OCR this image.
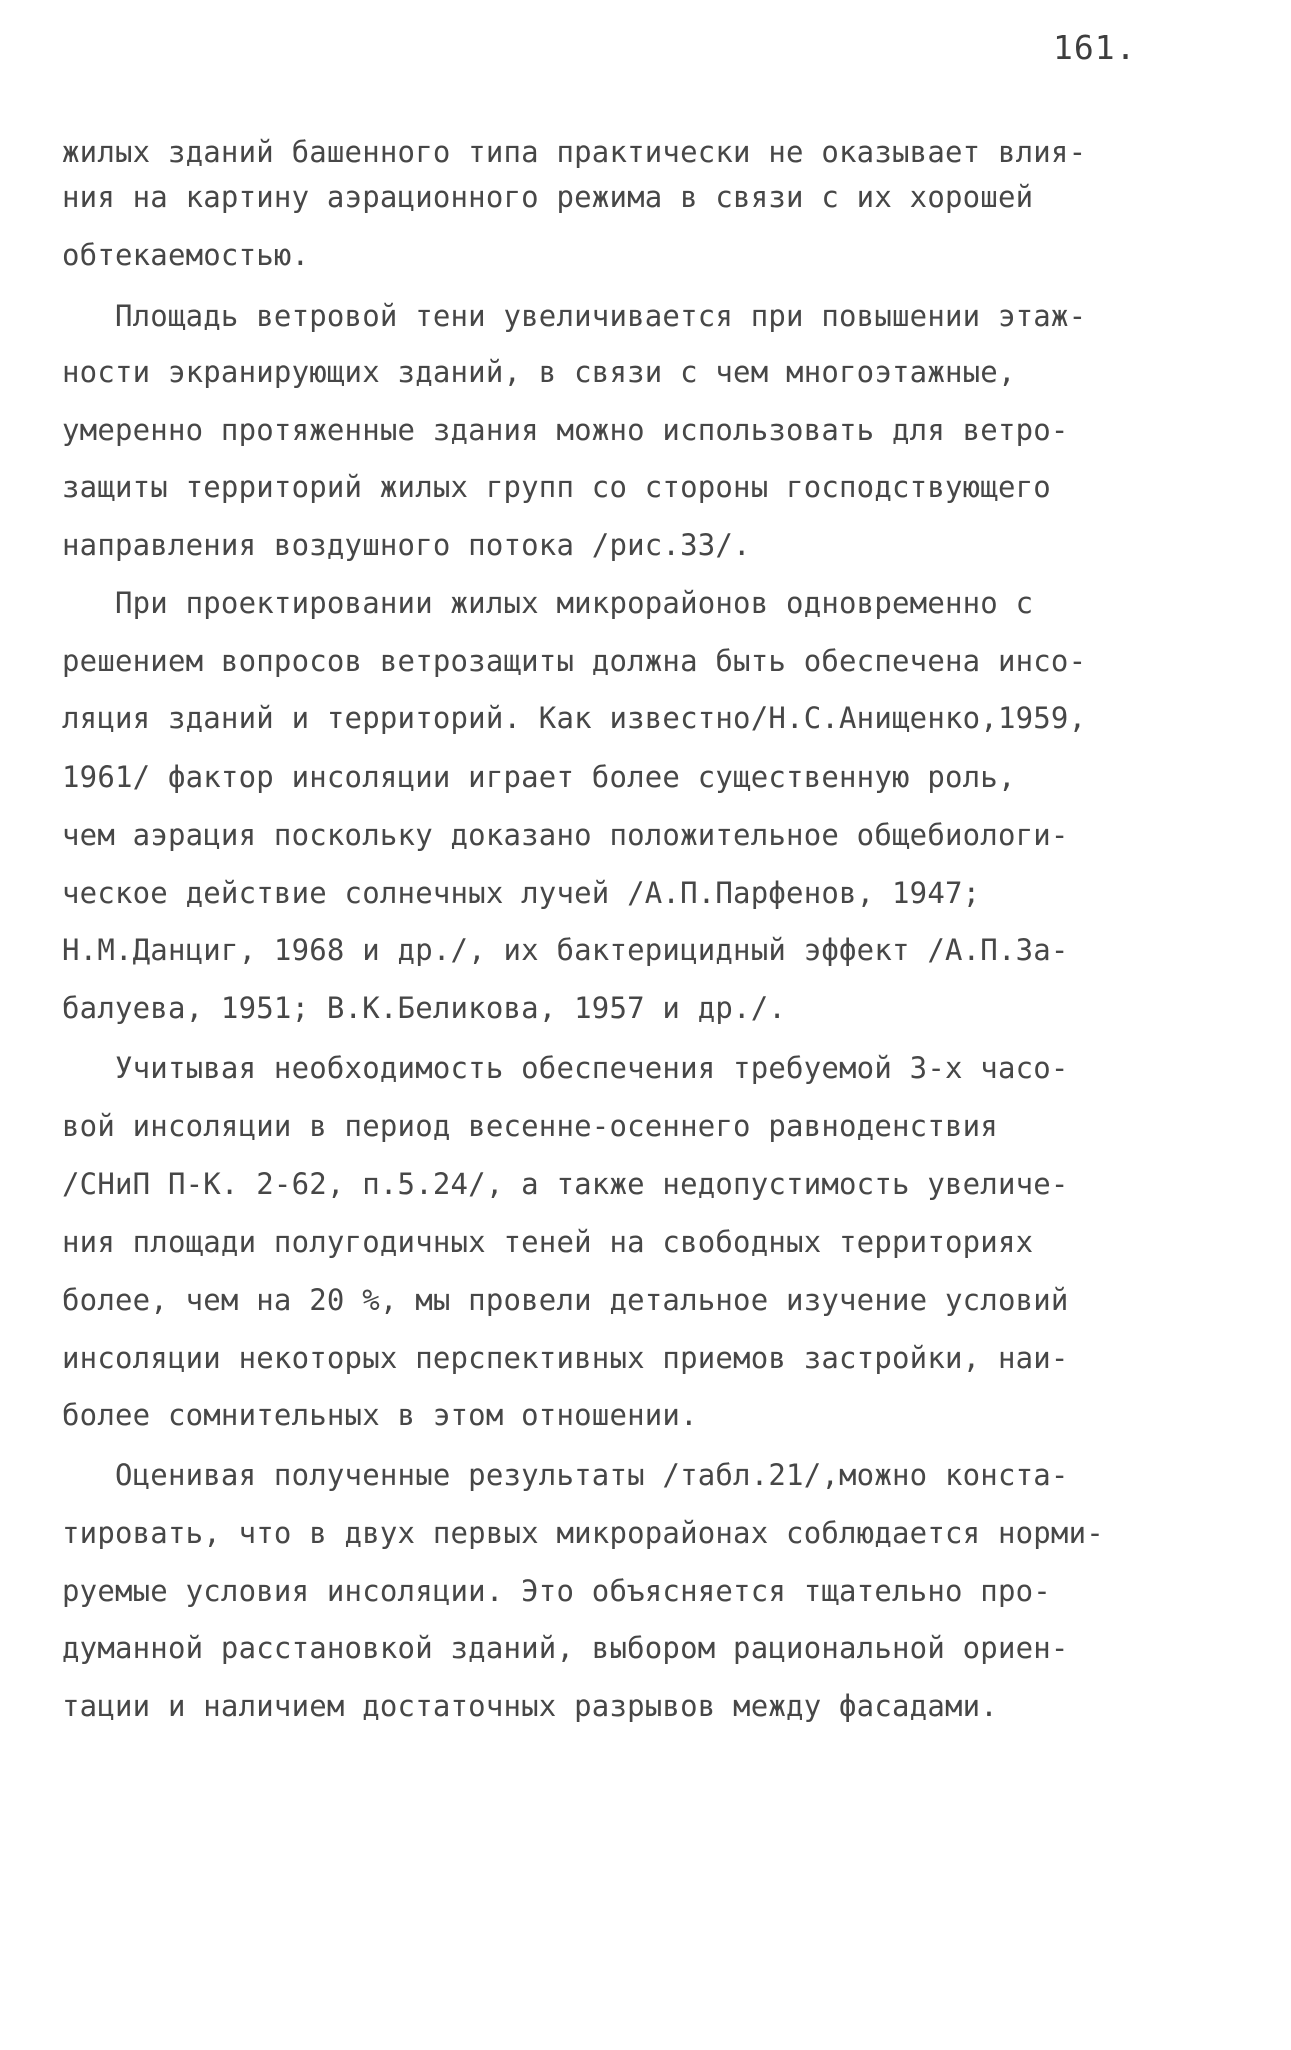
161.
жилых зданий башенного типа практически не оказывает влия-
ния на картину аэрационного режима в связи с их хорошей
обтекаемостью.
Площадь ветровой тени увеличивается при повышении этаж-
ности экранирующих зданий, в связи с чем многоэтажные,
умеренно протяженные здания можно использовать для ветро-
защиты территорий жилых групп со стороны господствующего
направления воздушного потока /рис.33/.
При проектировании жилых микрорайонов одновременно с
решением вопросов ветрозащиты должна быть обеспечена инсо-
ляция зданий и территорий. Как известно/Н.С.Анищенко,1959,
1961/ фактор инсоляции играет более существенную роль,
чем аэрация поскольку доказано положительное общебиологи-
ческое действие солнечных лучей /А.П.Парфенов, 1947;
Н.М.Данциг, 1968 и др./, их бактерицидный эффект /А.П.За-
балуева, 1951; В.К.Беликова, 1957 и др./.
Учитывая необходимость обеспечения требуемой 3-х часо-
вой инсоляции в период весенне-осеннего равноденствия
/СНиП П-К. 2-62, п.5.24/, а также недопустимость увеличе-
ния площади полугодичных теней на свободных территориях
более, чем на 20 %, мы провели детальное изучение условий
инсоляции некоторых перспективных приемов застройки, наи-
более сомнительных в этом отношении.
Оценивая полученные результаты /табл.21/,можно конста-
тировать, что в двух первых микрорайонах соблюдается норми-
руемые условия инсоляции. Это объясняется тщательно про-
думанной расстановкой зданий, выбором рациональной ориен-
тации и наличием достаточных разрывов между фасадами.
